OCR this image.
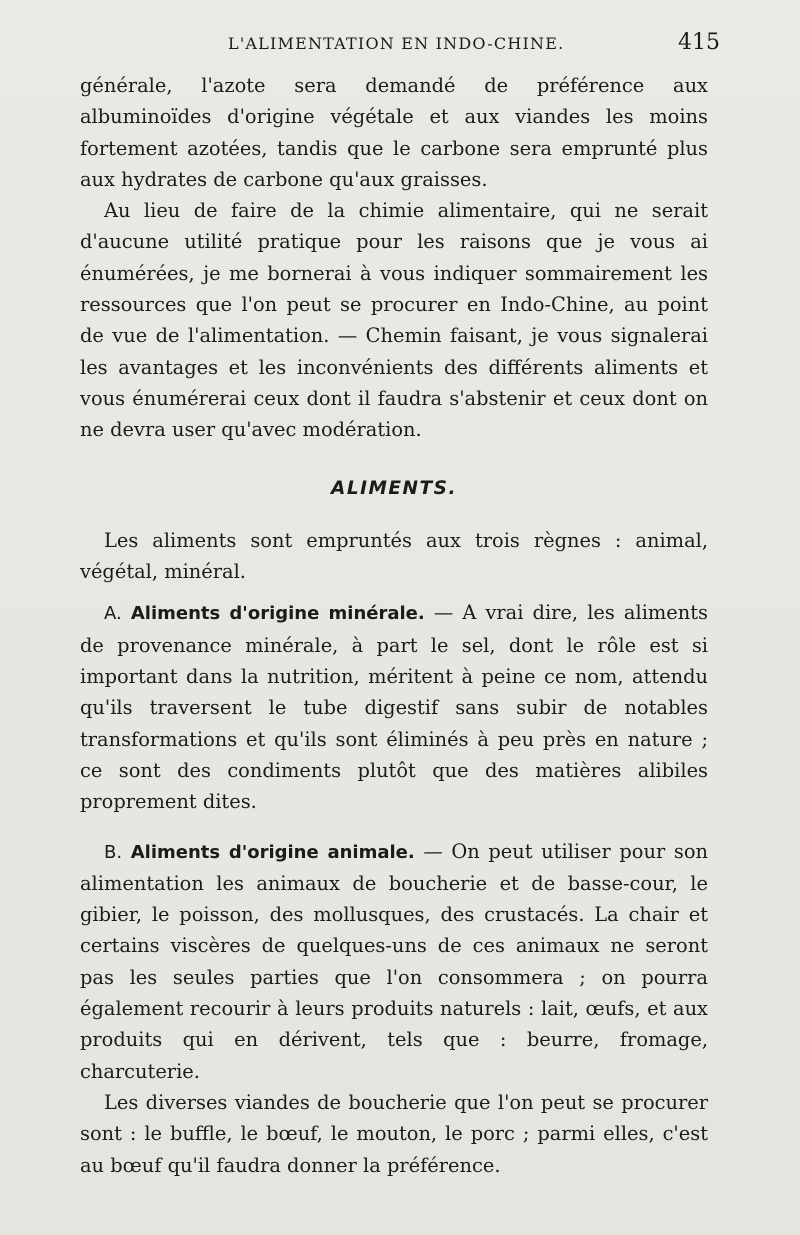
L'ALIMENTATION EN INDO-CHINE.	415

générale, l'azote sera demandé de préférence aux albuminoïdes d'origine végétale et aux viandes les moins fortement azotées, tandis que le carbone sera emprunté plus aux hydrates de carbone qu'aux graisses.

Au lieu de faire de la chimie alimentaire, qui ne serait d'aucune utilité pratique pour les raisons que je vous ai énumérées, je me bornerai à vous indiquer sommairement les ressources que l'on peut se procurer en Indo-Chine, au point de vue de l'alimentation. — Chemin faisant, je vous signalerai les avantages et les inconvénients des différents aliments et vous énumérerai ceux dont il faudra s'abstenir et ceux dont on ne devra user qu'avec modération.

ALIMENTS.

Les aliments sont empruntés aux trois règnes : animal, végétal, minéral.

A. Aliments d'origine minérale. — A vrai dire, les aliments de provenance minérale, à part le sel, dont le rôle est si important dans la nutrition, méritent à peine ce nom, attendu qu'ils traversent le tube digestif sans subir de notables transformations et qu'ils sont éliminés à peu près en nature ; ce sont des condiments plutôt que des matières alibiles proprement dites.

B. Aliments d'origine animale. — On peut utiliser pour son alimentation les animaux de boucherie et de basse-cour, le gibier, le poisson, des mollusques, des crustacés. La chair et certains viscères de quelques-uns de ces animaux ne seront pas les seules parties que l'on consommera ; on pourra également recourir à leurs produits naturels : lait, œufs, et aux produits qui en dérivent, tels que : beurre, fromage, charcuterie.

Les diverses viandes de boucherie que l'on peut se procurer sont : le buffle, le bœuf, le mouton, le porc ; parmi elles, c'est au bœuf qu'il faudra donner la préférence.
